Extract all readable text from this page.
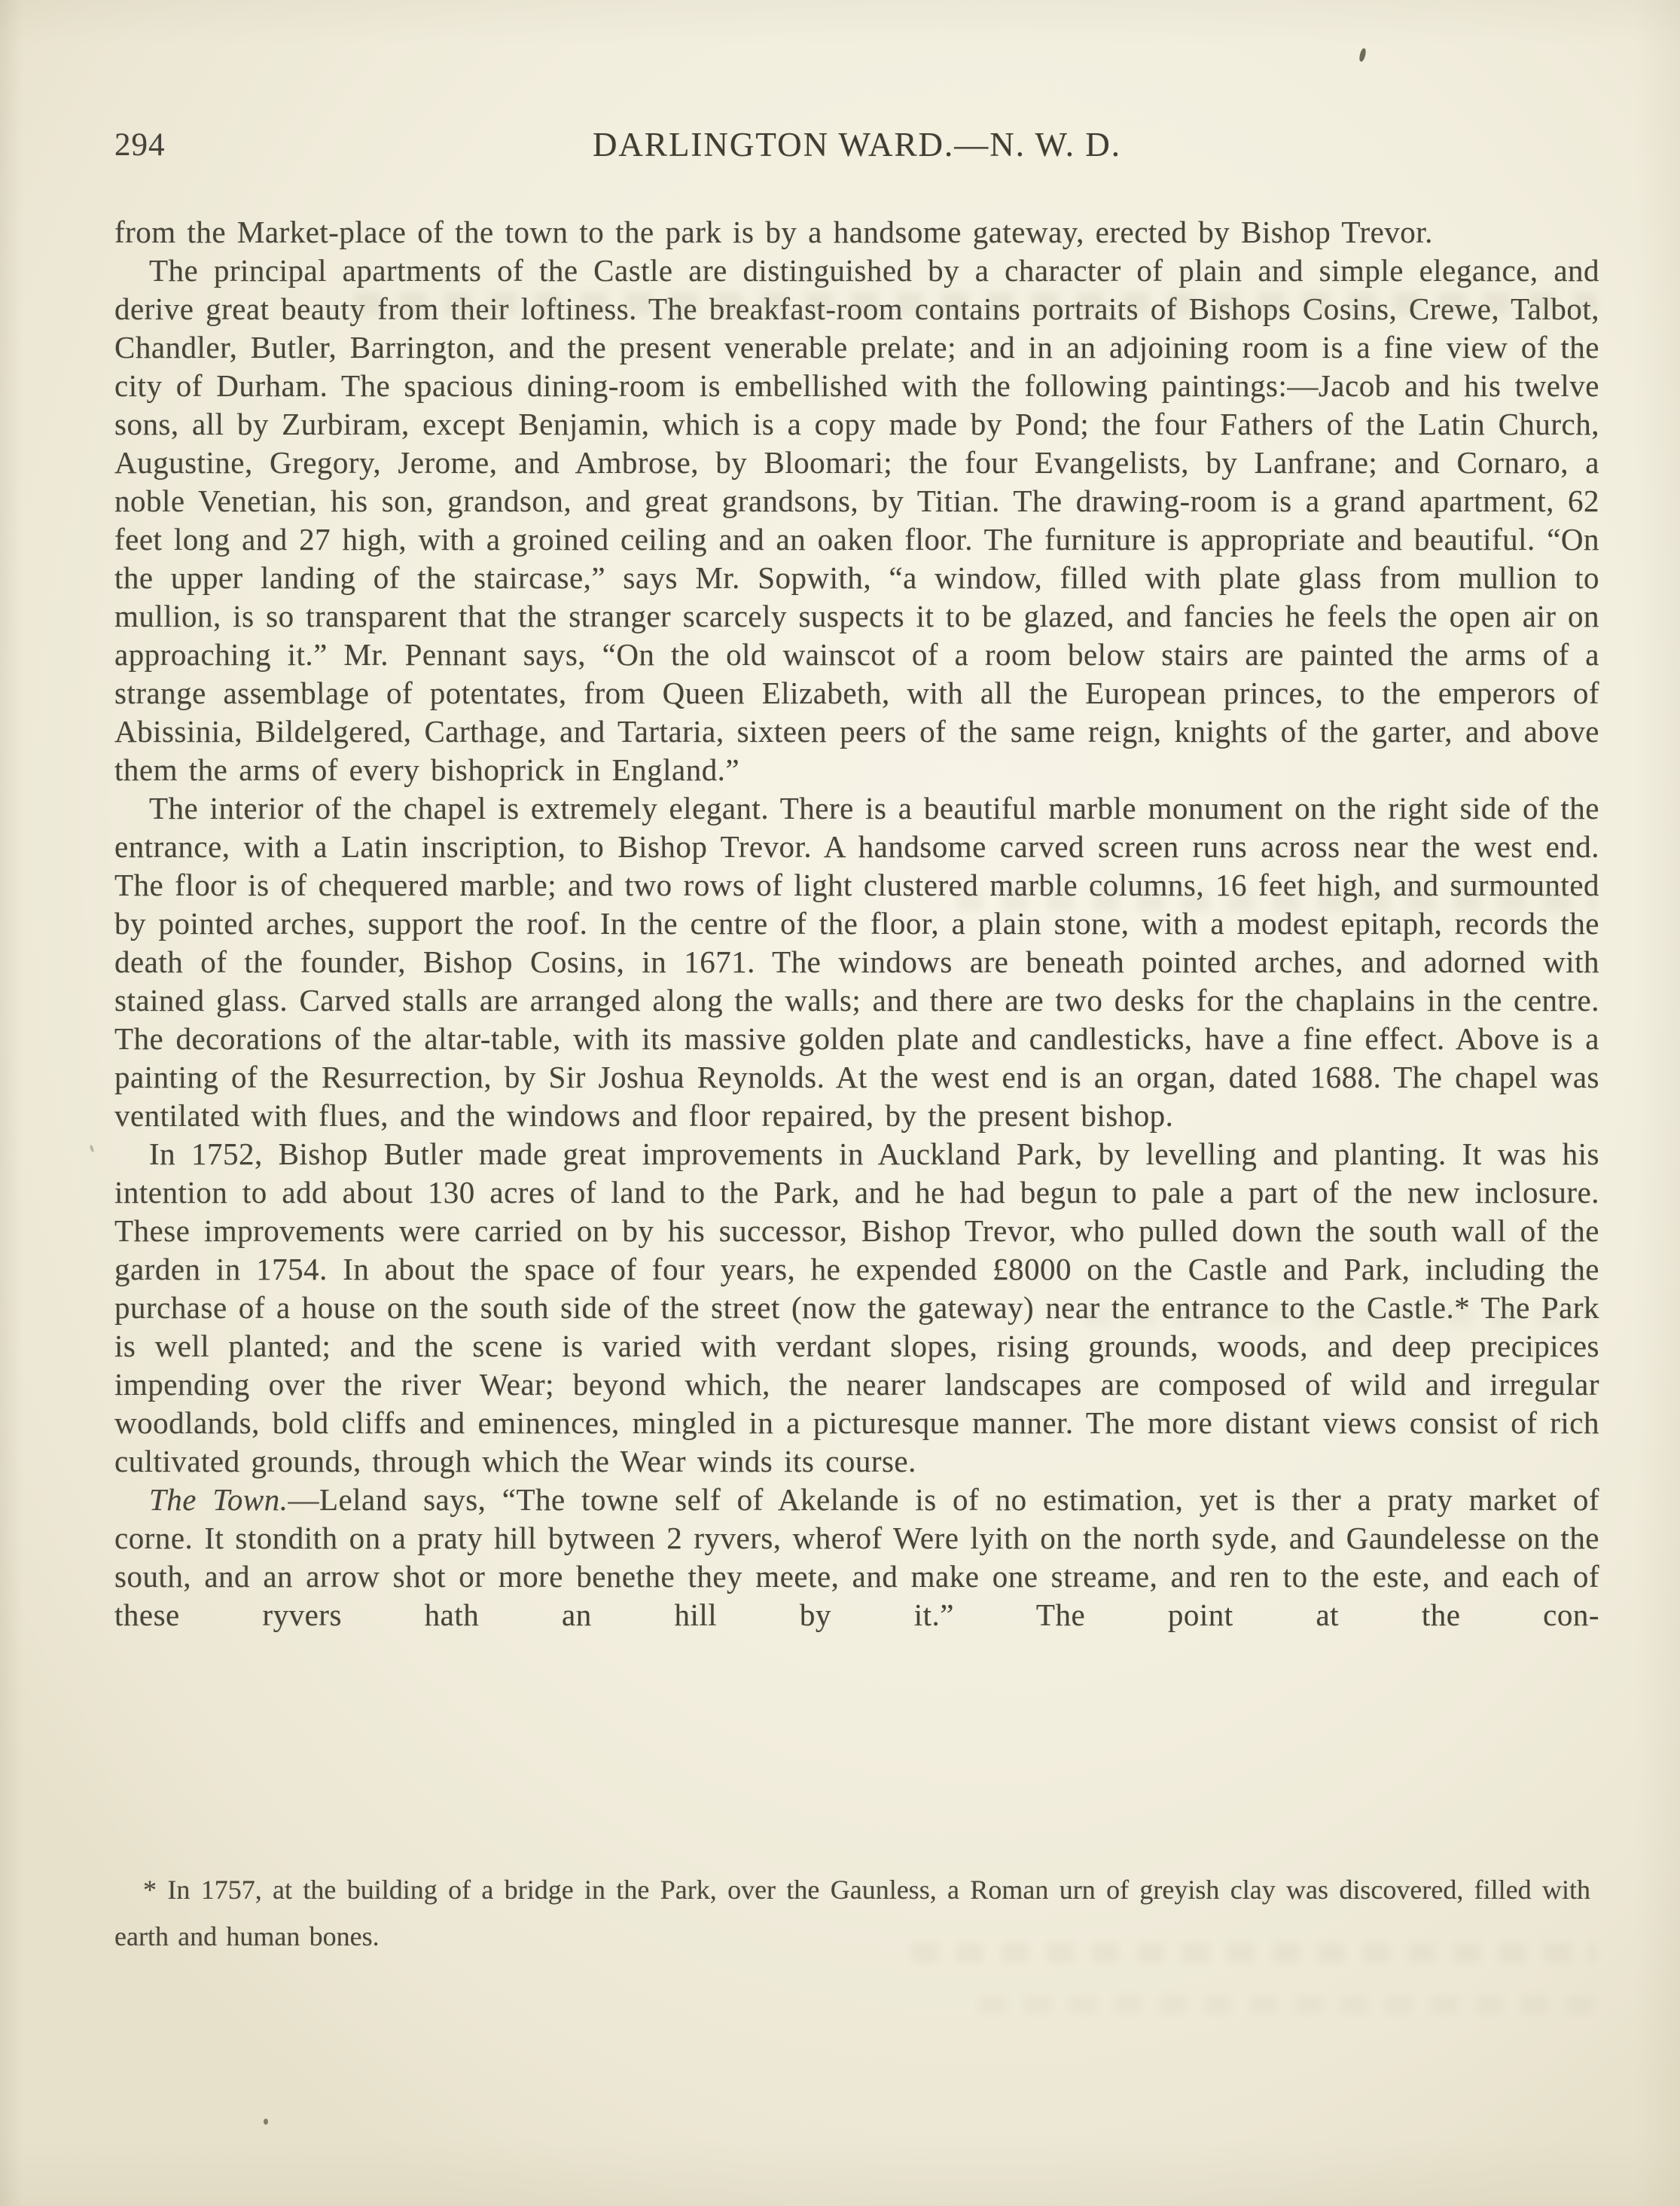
294	DARLINGTON WARD.—N. W. D.

from the Market-place of the town to the park is by a handsome gateway, erected by Bishop Trevor.

The principal apartments of the Castle are distinguished by a character of plain and simple elegance, and derive great beauty from their loftiness. The breakfast-room contains portraits of Bishops Cosins, Crewe, Talbot, Chandler, Butler, Barrington, and the present venerable prelate; and in an adjoining room is a fine view of the city of Durham. The spacious dining-room is embellished with the following paintings:—Jacob and his twelve sons, all by Zurbiram, except Benjamin, which is a copy made by Pond; the four Fathers of the Latin Church, Augustine, Gregory, Jerome, and Ambrose, by Bloomari; the four Evangelists, by Lanfrane; and Cornaro, a noble Venetian, his son, grandson, and great grandsons, by Titian. The drawing-room is a grand apartment, 62 feet long and 27 high, with a groined ceiling and an oaken floor. The furniture is appropriate and beautiful. “On the upper landing of the staircase,” says Mr. Sopwith, “a window, filled with plate glass from mullion to mullion, is so transparent that the stranger scarcely suspects it to be glazed, and fancies he feels the open air on approaching it.” Mr. Pennant says, “On the old wainscot of a room below stairs are painted the arms of a strange assemblage of potentates, from Queen Elizabeth, with all the European princes, to the emperors of Abissinia, Bildelgered, Carthage, and Tartaria, sixteen peers of the same reign, knights of the garter, and above them the arms of every bishoprick in England.”

The interior of the chapel is extremely elegant. There is a beautiful marble monument on the right side of the entrance, with a Latin inscription, to Bishop Trevor. A handsome carved screen runs across near the west end. The floor is of chequered marble; and two rows of light clustered marble columns, 16 feet high, and surmounted by pointed arches, support the roof. In the centre of the floor, a plain stone, with a modest epitaph, records the death of the founder, Bishop Cosins, in 1671. The windows are beneath pointed arches, and adorned with stained glass. Carved stalls are arranged along the walls; and there are two desks for the chaplains in the centre. The decorations of the altar-table, with its massive golden plate and candlesticks, have a fine effect. Above is a painting of the Resurrection, by Sir Joshua Reynolds. At the west end is an organ, dated 1688. The chapel was ventilated with flues, and the windows and floor repaired, by the present bishop.

In 1752, Bishop Butler made great improvements in Auckland Park, by levelling and planting. It was his intention to add about 130 acres of land to the Park, and he had begun to pale a part of the new inclosure. These improvements were carried on by his successor, Bishop Trevor, who pulled down the south wall of the garden in 1754. In about the space of four years, he expended £8000 on the Castle and Park, including the purchase of a house on the south side of the street (now the gateway) near the entrance to the Castle.* The Park is well planted; and the scene is varied with verdant slopes, rising grounds, woods, and deep precipices impending over the river Wear; beyond which, the nearer landscapes are composed of wild and irregular woodlands, bold cliffs and eminences, mingled in a picturesque manner. The more distant views consist of rich cultivated grounds, through which the Wear winds its course.

The Town.—Leland says, “The towne self of Akelande is of no estimation, yet is ther a praty market of corne. It stondith on a praty hill bytween 2 ryvers, wherof Were lyith on the north syde, and Gaundelesse on the south, and an arrow shot or more benethe they meete, and make one streame, and ren to the este, and each of these ryvers hath an hill by it.” The point at the con-

* In 1757, at the building of a bridge in the Park, over the Gaunless, a Roman urn of greyish clay was discovered, filled with earth and human bones.
